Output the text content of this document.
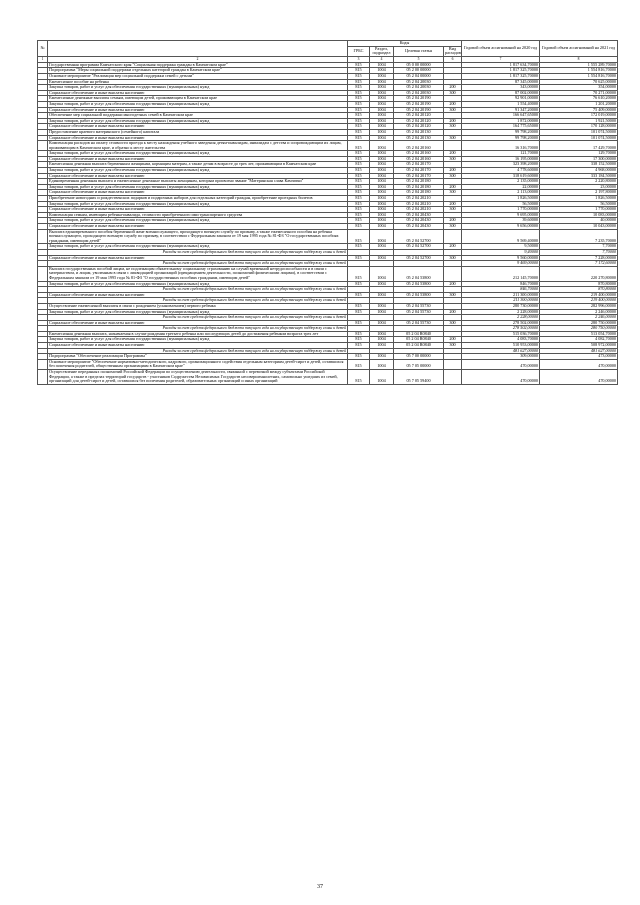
№		Коды				Годовой объем ассигнований на 2020 год	Годовой объем ассигнований на 2021 год
		ГРБС	Раздел, подраздел	Целевая статья	Вид расходов		
1	2	3	4	5	6	7	8
	Государственная программа Камчатского края "Социальная поддержка граждан в Камчатском крае"	815	1004	05 0 00 00000		1 817 634,70000	1 555 289,70000
	Подпрограмма "Меры социальной поддержки отдельных категорий граждан в Камчатском крае"	815	1004	05 2 00 00000		1 817 325,70000	1 554 816,70000
	Основное мероприятие "Реализация мер социальной поддержки семей с детьми"	815	1004	05 2 04 00000		1 817 325,70000	1 554 816,70000
	Ежемесячное пособие на ребенка	815	1004	05 2 04 20030		87 345,00000	70 625,00000
	Закупка товаров, работ и услуг для обеспечения государственных (муниципальных) нужд	815	1004	05 2 04 20030	200	343,00000	354,00000
	Социальное обеспечение и иные выплаты населению	815	1004	05 2 04 20030	300	87 002,00000	70 271,00000
	Ежемесячные денежные выплаты семьям, имеющим детей, проживающим в Камчатском крае	815	1004	05 2 04 20190		92 901,00000	76 610,20000
	Закупка товаров, работ и услуг для обеспечения государственных (муниципальных) нужд	815	1004	05 2 04 20190	200	1 554,40000	1 201,20000
	Социальное обеспечение и иные выплаты населению	815	1004	05 2 04 20190	300	91 347,20000	75 409,00000
	Обеспечение мер социальной поддержки многодетных семей в Камчатском крае	815	1004	05 2 04 20120		166 647,65000	172 019,00000
	Закупка товаров, работ и услуг для обеспечения государственных (муниципальных) нужд	815	1004	05 2 04 20120	200	1 872,00000	1 921,50000
	Социальное обеспечение и иные выплаты населению	815	1004	05 2 04 20120	300	164 775,65000	170 128,00000
	Предоставление краевого материнского (семейного) капитала	815	1004	05 2 04 20130		99 798,20000	101 074,50000
	Социальное обеспечение и иные выплаты населению	815	1004	05 2 04 20130	300	99 798,20000	101 074,50000
	Компенсация расходов на оплату стоимости проезда к месту нахождения учебного заведения детям-инвалидам, инвалидам с детства и сопровождающим их лицам, проживающим в Камчатском крае, и обратно к месту жительства	815	1004	05 2 04 20160		16 316,70000	17 429,70000
	Закупка товаров, работ и услуг для обеспечения государственных (муниципальных) нужд	815	1004	05 2 04 20160	200	121,70000	129,70000
	Социальное обеспечение и иные выплаты населению	815	1004	05 2 04 20160	300	16 195,00000	17 300,00000
	Ежемесячная денежная выплата беременным женщинам, кормящим матерям, а также детям в возрасте до трех лет, проживающим в Камчатском крае	815	1004	05 2 04 20170		323 398,20000	338 152,50000
	Закупка товаров, работ и услуг для обеспечения государственных (муниципальных) нужд	815	1004	05 2 04 20170	200	4 778,60000	4 968,00000
	Социальное обеспечение и иные выплаты населению	815	1004	05 2 04 20170	300	318 619,60000	333 184,50000
	Единовременная денежная выплата и ежемесячные денежные выплаты женщинам, которым присвоено звание "Материнская слава Камчатки"	815	1004	05 2 04 20180		2 135,00000	2 220,80000
	Закупка товаров, работ и услуг для обеспечения государственных (муниципальных) нужд	815	1004	05 2 04 20180	200	22,00000	23,00000
	Социальное обеспечение и иные выплаты населению	815	1004	05 2 04 20180	300	2 113,00000	2 197,80000
	Приобретение новогодних и рождественских подарков и подарочных наборов для отдельных категорий граждан, приобретение проездных билетов	815	1004	05 2 04 20210		1 826,50000	1 826,50000
	Закупка товаров, работ и услуг для обеспечения государственных (муниципальных) нужд	815	1004	05 2 04 20210	200	56,50000	56,50000
	Социальное обеспечение и иные выплаты населению	815	1004	05 2 04 20210	300	1 770,00000	1 770,00000
	Компенсация семьям, имеющим ребенка-инвалида, стоимости приобретенного ими транспортного средства	815	1004	05 2 04 20430		9 695,00000	10 083,00000
	Закупка товаров, работ и услуг для обеспечения государственных (муниципальных) нужд	815	1004	05 2 04 20430	200	39,60000	40,00000
	Социальное обеспечение и иные выплаты населению	815	1004	05 2 04 20430	300	9 656,00000	10 043,00000
	Выплата единовременного пособия беременной жене военнослужащего, проходящего военную службу по призыву, а также ежемесячного пособия на ребенка военнослужащего, проходящего военную службу по призыву, в соответствии с Федеральным законом от 19 мая 1995 года № 81-ФЗ "О государственных пособиях гражданам, имеющим детей"	815	1004	05 2 04 52700		9 569,40000	7 235,70000
	Закупка товаров, работ и услуг для обеспечения государственных (муниципальных) нужд	815	1004	05 2 04 52700	200	9,50000	7,70000
	Расходы за счет средств федерального бюджета текущего года на государственную поддержку семьи и детей					9,40000	7,70000
	Социальное обеспечение и иные выплаты населению	815	1004	05 2 04 52700	300	9 560,00000	7 228,00000
	Расходы за счет средств федерального бюджета текущего года на государственную поддержку семьи и детей					9 469,00000	7 172,60000
	Выплата государственных пособий лицам, не подлежащим обязательному социальному страхованию на случай временной нетрудоспособности и в связи с материнством, и лицам, уволенным в связи с ликвидацией организаций (прекращением деятельности, полномочий физическими лицами), в соответствии с Федеральным законом от 19 мая 1995 года № 81-ФЗ "О государственных пособиях гражданам, имеющим детей"	815	1004	05 2 04 53800		212 145,70000	220 270,80000
	Закупка товаров, работ и услуг для обеспечения государственных (муниципальных) нужд	815	1004	05 2 04 53800	200	846,70000	870,80000
	Расходы за счет средств федерального бюджета текущего года на государственную поддержку семьи и детей					846,70000	870,80000
	Социальное обеспечение и иные выплаты населению	815	1004	05 2 04 53800	300	211 300,00000	219 400,00000
	Расходы за счет средств федерального бюджета текущего года на государственную поддержку семьи и детей					211 300,00000	219 400,00000
	Осуществление ежемесячной выплаты в связи с рождением (усыновлением) первого ребенка	815	1004	05 2 04 55730		280 730,00000	282 996,00000
	Закупка товаров, работ и услуг для обеспечения государственных (муниципальных) нужд	815	1004	05 2 04 55730	200	2 228,00000	2 246,00000
	Расходы за счет средств федерального бюджета текущего года на государственную поддержку семьи и детей					2 228,00000	2 246,00000
	Социальное обеспечение и иные выплаты населению	815	1004	05 2 04 55730	300	278 502,00000	280 750,00000
	Расходы за счет средств федерального бюджета текущего года на государственную поддержку семьи и детей					278 502,00000	280 750,00000
	Ежемесячная денежная выплата, назначаемая в случае рождения третьего ребенка или последующих детей до достижения ребенком возраста трех лет	815	1004	05 2 04 R0840		515 036,70000	513 054,70000
	Закупка товаров, работ и услуг для обеспечения государственных (муниципальных) нужд	815	1004	05 2 04 R0840	200	4 083,70000	4 082,70000
	Социальное обеспечение и иные выплаты населению	815	1004	05 2 04 R0840	300	510 953,00000	508 972,00000
	Расходы за счет средств федерального бюджета текущего года на государственную поддержку семьи и детей					481 627,00000	481 627,00000
	Подпрограмма "Обеспечение реализации Программы"	815	1004	05 7 00 00000		309,00000	473,00000
	Основное мероприятие "Обеспечение нормативно-методического, кадрового, организационного содействия отдельным категориям детей-сирот и детей, оставшихся без попечения родителей, общественным организациям в Камчатском крае"	815	1004	05 7 05 00000		470,00000	470,00000
	Осуществление переданных полномочий Российской Федерации по осуществлению деятельности, связанной с перевозкой между субъектами Российской Федерации, а также в пределах территорий государств - участников Содружества Независимых Государств несовершеннолетних, самовольно ушедших из семей, организаций для детей-сирот и детей, оставшихся без попечения родителей, образовательных организаций и иных организаций	815	1004	05 7 05 59400		470,00000	470,00000
37
